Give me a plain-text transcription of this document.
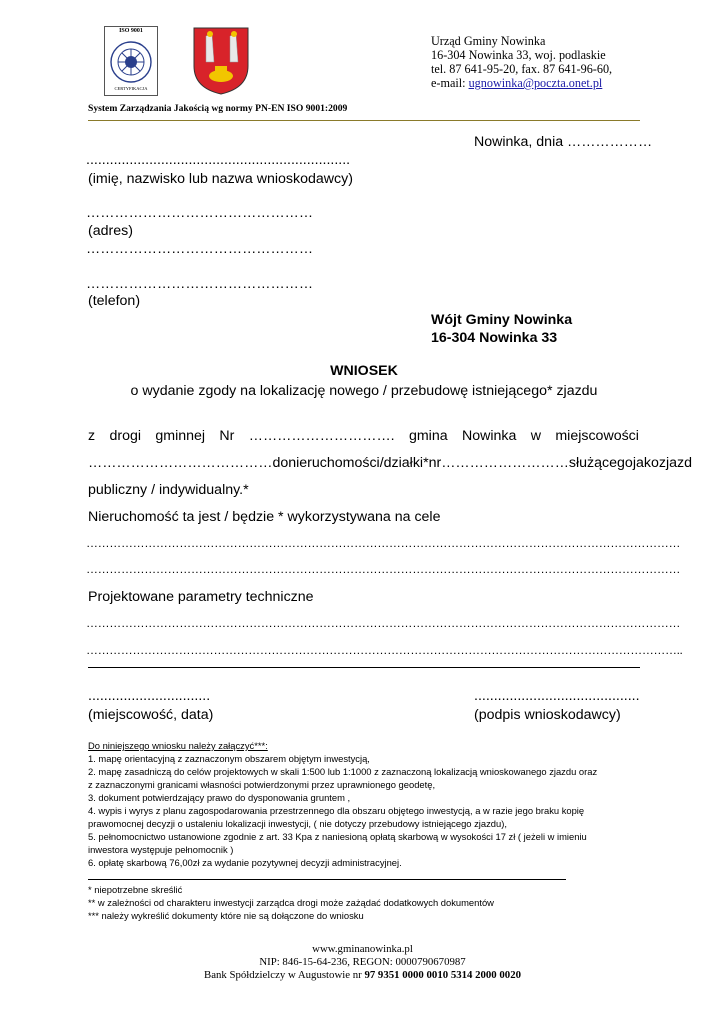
ISO 9001
CERTYFIKACJA
Urząd Gminy Nowinka
16-304 Nowinka 33, woj. podlaskie
tel. 87 641-95-20, fax. 87 641-96-60,
e-mail: ugnowinka@poczta.onet.pl
System Zarządzania Jakością wg normy PN-EN ISO 9001:2009
Nowinka, dnia ………………
...................................................................
(imię, nazwisko lub nazwa wnioskodawcy)
…………………………………………
(adres)
…………………………………………
…………………………………………
(telefon)
Wójt Gminy Nowinka
16-304 Nowinka 33
WNIOSEK
o wydanie zgody na lokalizację nowego / przebudowę istniejącego* zjazdu
z drogi gminnej Nr …………………………. gmina Nowinka w miejscowości
………………………………… do nieruchomości / działki* nr ……………………… służącego jako zjazd
publiczny / indywidualny.*
Nieruchomość ta jest / będzie * wykorzystywana na cele
………………………………………………………………………………………………………………………………………
………………………………………………………………………………………………………………………………………
Projektowane parametry techniczne
………………………………………………………………………………………………………………………………………
………………………………………………………………………………………………………………………………………..
...............................	..........................................
(miejscowość, data)	(podpis wnioskodawcy)
Do niniejszego wniosku należy załączyć***:
1. mapę orientacyjną z zaznaczonym obszarem objętym inwestycją,
2. mapę zasadniczą do celów projektowych w skali 1:500 lub 1:1000 z zaznaczoną lokalizacją wnioskowanego zjazdu oraz
z zaznaczonymi granicami własności potwierdzonymi przez uprawnionego geodetę,
3. dokument potwierdzający prawo do dysponowania gruntem ,
4. wypis i wyrys z planu zagospodarowania przestrzennego dla obszaru objętego inwestycją, a w razie jego braku kopię
prawomocnej decyzji o ustaleniu lokalizacji inwestycji, ( nie dotyczy przebudowy istniejącego zjazdu),
5. pełnomocnictwo ustanowione zgodnie z art. 33 Kpa z naniesioną opłatą skarbową w wysokości 17 zł ( jeżeli w imieniu
inwestora występuje pełnomocnik )
6. opłatę skarbową 76,00zł za wydanie pozytywnej decyzji administracyjnej.
* niepotrzebne skreślić
** w zależności od charakteru inwestycji zarządca drogi może zażądać dodatkowych dokumentów
*** należy wykreślić dokumenty które nie są dołączone do wniosku
www.gminanowinka.pl
NIP: 846-15-64-236, REGON: 0000790670987
Bank Spółdzielczy w Augustowie nr 97 9351 0000 0010 5314 2000 0020
